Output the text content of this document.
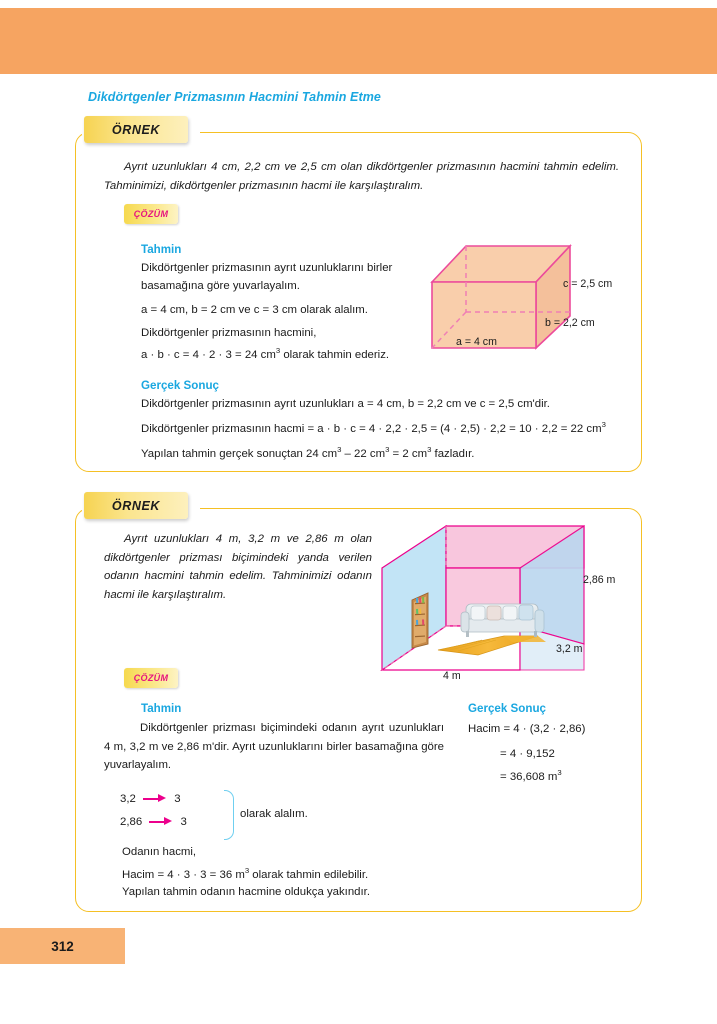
Dikdörtgenler Prizmasının Hacmini Tahmin Etme
ÖRNEK
Ayrıt uzunlukları 4 cm, 2,2 cm ve 2,5 cm olan dikdörtgenler prizmasının hacmini tahmin edelim. Tahminimizi, dikdörtgenler prizmasının hacmi ile karşılaştıralım.
ÇÖZÜM
Tahmin
Dikdörtgenler prizmasının ayrıt uzunluklarını birler basamağına göre yuvarlayalım.
a = 4 cm, b = 2 cm ve c = 3 cm olarak alalım.
Dikdörtgenler prizmasının hacmini,
a · b · c = 4 · 2 · 3 = 24 $cm^3$ olarak tahmin ederiz.
Gerçek Sonuç
Dikdörtgenler prizmasının ayrıt uzunlukları a = 4 cm, b = 2,2 cm ve c = 2,5 cm'dir.
Dikdörtgenler prizmasının hacmi = a · b · c = 4 · 2,2 · 2,5 = (4 · 2,5) · 2,2 = 10 · 2,2 = 22 $cm^3$
Yapılan tahmin gerçek sonuçtan 24 $cm^3 - 22$ $cm^3 = 2$ $cm^3$ fazladır.
c = 2,5 cm
b = 2,2 cm
a = 4 cm
ÖRNEK
Ayrıt uzunlukları 4 m, 3,2 m ve 2,86 m olan dikdörtgenler prizması biçimindeki yanda verilen odanın hacmini tahmin edelim. Tahminimizi odanın hacmi ile karşılaştıralım.
2,86 m
3,2 m
4 m
ÇÖZÜM
Tahmin
Dikdörtgenler prizması biçimindeki odanın ayrıt uzunlukları 4 m, 3,2 m ve 2,86 m'dir. Ayrıt uzunluklarını birler basamağına göre yuvarlayalım.
Gerçek Sonuç
Hacim = 4 · (3,2 · 2,86)
= 4 · 9,152
= 36,608 $m^3$
3,2	3
2,86	3
olarak alalım.
Odanın hacmi,
Hacim = 4 · 3 · 3 = 36 $m^3$ olarak tahmin edilebilir.
Yapılan tahmin odanın hacmine oldukça yakındır.
312
